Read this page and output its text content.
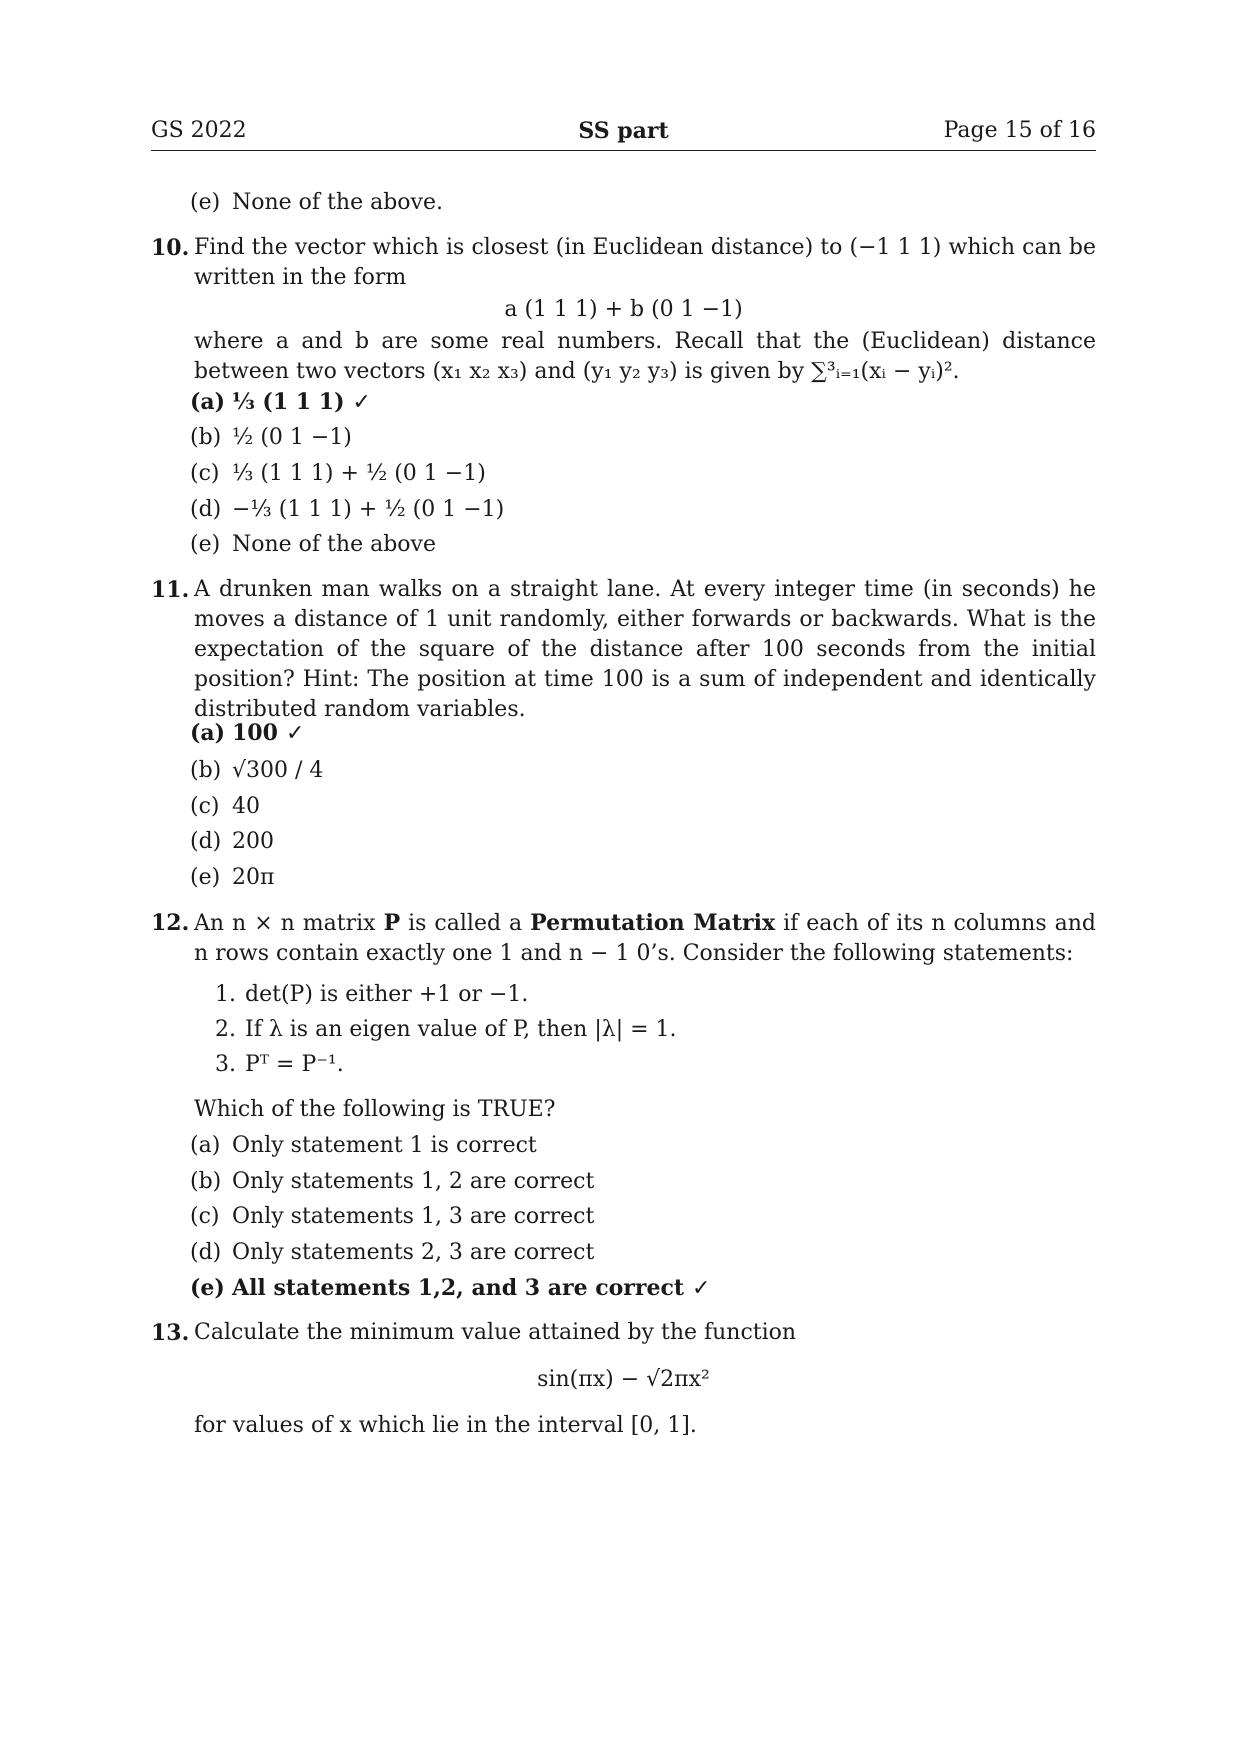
GS 2022	SS part	Page 15 of 16
(e) None of the above.
10. Find the vector which is closest (in Euclidean distance) to (−1 1 1) which can be written in the form
a (1 1 1) + b (0 1 −1)
where a and b are some real numbers. Recall that the (Euclidean) distance between two vectors (x₁ x₂ x₃) and (y₁ y₂ y₃) is given by ∑³ᵢ₌₁(xᵢ − yᵢ)².
(a) ⅓ (1 1 1) ✓
(b) ½ (0 1 −1)
(c) ⅓ (1 1 1) + ½ (0 1 −1)
(d) −⅓ (1 1 1) + ½ (0 1 −1)
(e) None of the above
11. A drunken man walks on a straight lane. At every integer time (in seconds) he moves a distance of 1 unit randomly, either forwards or backwards. What is the expectation of the square of the distance after 100 seconds from the initial position? Hint: The position at time 100 is a sum of independent and identically distributed random variables.
(a) 100 ✓
(b) √300 / 4
(c) 40
(d) 200
(e) 20π
12. An n × n matrix P is called a Permutation Matrix if each of its n columns and n rows contain exactly one 1 and n − 1 0’s. Consider the following statements:
1. det(P) is either +1 or −1.
2. If λ is an eigen value of P, then |λ| = 1.
3. Pᵀ = P⁻¹.
Which of the following is TRUE?
(a) Only statement 1 is correct
(b) Only statements 1, 2 are correct
(c) Only statements 1, 3 are correct
(d) Only statements 2, 3 are correct
(e) All statements 1,2, and 3 are correct ✓
13. Calculate the minimum value attained by the function
sin(πx) − √2πx²
for values of x which lie in the interval [0, 1].
